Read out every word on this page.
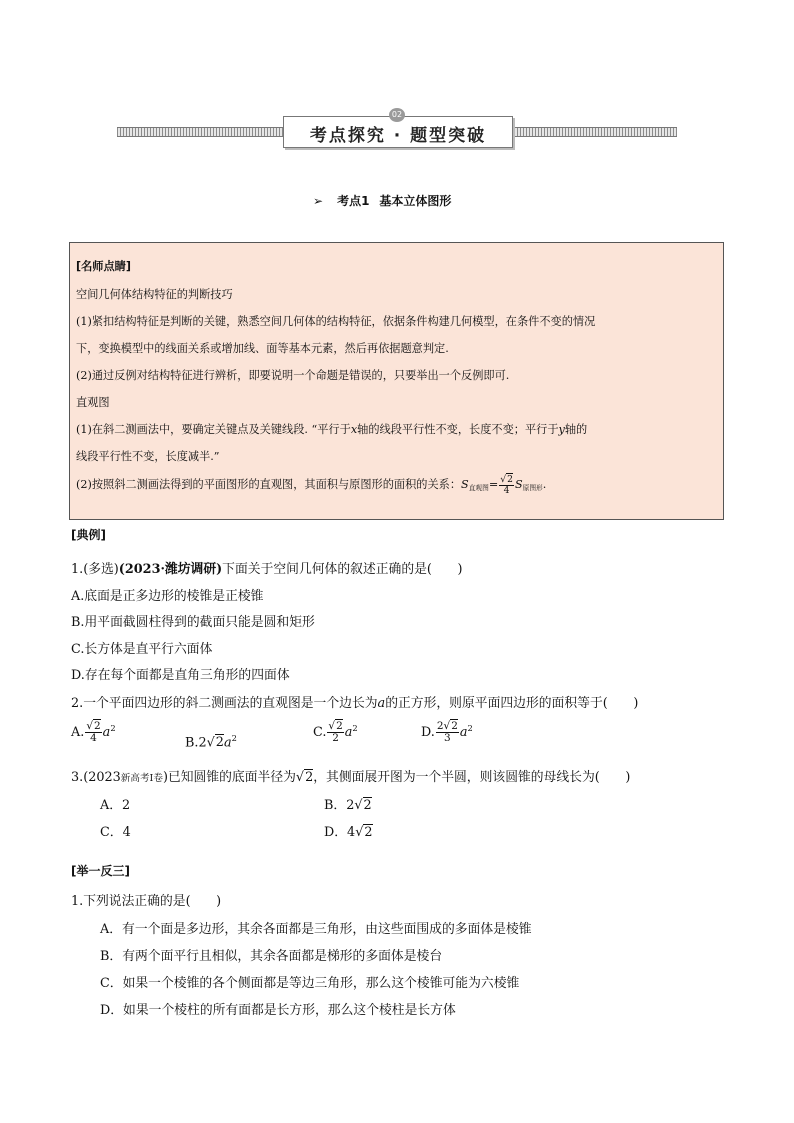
考点探究 · 题型突破
02
➢ 考点1 基本立体图形
[名师点睛]
空间几何体结构特征的判断技巧
(1)紧扣结构特征是判断的关键，熟悉空间几何体的结构特征，依据条件构建几何模型，在条件不变的情况
下，变换模型中的线面关系或增加线、面等基本元素，然后再依据题意判定.
(2)通过反例对结构特征进行辨析，即要说明一个命题是错误的，只要举出一个反例即可.
直观图
(1)在斜二测画法中，要确定关键点及关键线段. “平行于x轴的线段平行性不变，长度不变；平行于y轴的
线段平行性不变，长度减半.”
(2)按照斜二测画法得到的平面图形的直观图，其面积与原图形的面积的关系：S直观图= $\frac{√2}{4}$ S原图形.
[典例]
1.(多选)(2023·潍坊调研)下面关于空间几何体的叙述正确的是(　　)
A.底面是正多边形的棱锥是正棱锥
B.用平面截圆柱得到的截面只能是圆和矩形
C.长方体是直平行六面体
D.存在每个面都是直角三角形的四面体
2.一个平面四边形的斜二测画法的直观图是一个边长为a的正方形，则原平面四边形的面积等于(　　)
A. $\frac{√2}{4} a^2$
$B.2√2a^2$	C. $\frac{√2}{2} a^2$	D. $\frac{2√2}{3} a^2$
3.(2023新高考Ⅰ卷)已知圆锥的底面半径为√2，其侧面展开图为一个半圆，则该圆锥的母线长为(　　)
A．2	B．2√2
C．4	D．4√2
[举一反三]
1.下列说法正确的是(　　)
A．有一个面是多边形，其余各面都是三角形，由这些面围成的多面体是棱锥
B．有两个面平行且相似，其余各面都是梯形的多面体是棱台
C．如果一个棱锥的各个侧面都是等边三角形，那么这个棱锥可能为六棱锥
D．如果一个棱柱的所有面都是长方形，那么这个棱柱是长方体
